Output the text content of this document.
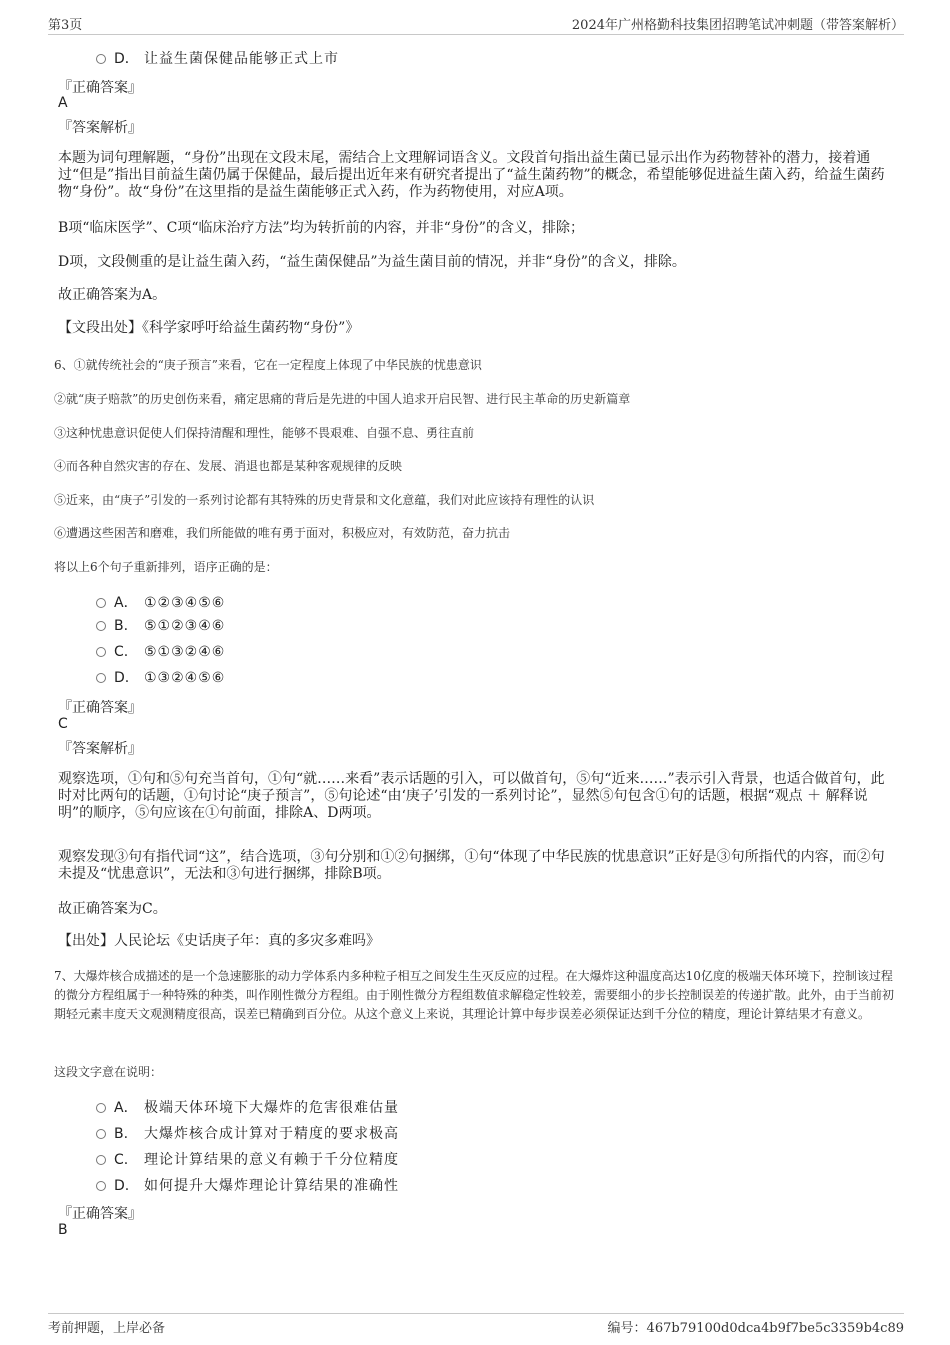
第3页	2024年广州格勤科技集团招聘笔试冲刺题（带答案解析）
D． 让益生菌保健品能够正式上市
『正确答案』
A
『答案解析』
本题为词句理解题，“身份”出现在文段末尾，需结合上文理解词语含义。文段首句指出益生菌已显示出作为药物替补的潜力，接着通过“但是”指出目前益生菌仍属于保健品，最后提出近年来有研究者提出了“益生菌药物”的概念，希望能够促进益生菌入药，给益生菌药物“身份”。故“身份”在这里指的是益生菌能够正式入药，作为药物使用，对应A项。
B项“临床医学”、C项“临床治疗方法”均为转折前的内容，并非“身份”的含义，排除；
D项，文段侧重的是让益生菌入药，“益生菌保健品”为益生菌目前的情况，并非“身份”的含义，排除。
故正确答案为A。
【文段出处】《科学家呼吁给益生菌药物“身份”》
6、①就传统社会的“庚子预言”来看，它在一定程度上体现了中华民族的忧患意识
②就“庚子赔款”的历史创伤来看，痛定思痛的背后是先进的中国人追求开启民智、进行民主革命的历史新篇章
③这种忧患意识促使人们保持清醒和理性，能够不畏艰难、自强不息、勇往直前
④而各种自然灾害的存在、发展、消退也都是某种客观规律的反映
⑤近来，由“庚子”引发的一系列讨论都有其特殊的历史背景和文化意蕴，我们对此应该持有理性的认识
⑥遭遇这些困苦和磨难，我们所能做的唯有勇于面对，积极应对，有效防范，奋力抗击
将以上6个句子重新排列，语序正确的是：
A． ①②③④⑤⑥
B. ⑤①②③④⑥
C. ⑤①③②④⑥
D. ①③②④⑤⑥
『正确答案』
C
『答案解析』
观察选项，①句和⑤句充当首句，①句“就……来看”表示话题的引入，可以做首句，⑤句“近来……”表示引入背景，也适合做首句，此时对比两句的话题，①句讨论“庚子预言”，⑤句论述“由‘庚子’引发的一系列讨论”，显然⑤句包含①句的话题，根据“观点 ＋ 解释说明”的顺序，⑤句应该在①句前面，排除A、D两项。
观察发现③句有指代词“这”，结合选项，③句分别和①②句捆绑，①句“体现了中华民族的忧患意识”正好是③句所指代的内容，而②句未提及“忧患意识”，无法和③句进行捆绑，排除B项。
故正确答案为C。
【出处】人民论坛《史话庚子年：真的多灾多难吗》
7、大爆炸核合成描述的是一个急速膨胀的动力学体系内多种粒子相互之间发生生灭反应的过程。在大爆炸这种温度高达10亿度的极端天体环境下，控制该过程的微分方程组属于一种特殊的种类，叫作刚性微分方程组。由于刚性微分方程组数值求解稳定性较差，需要细小的步长控制误差的传递扩散。此外，由于当前初期轻元素丰度天文观测精度很高，误差已精确到百分位。从这个意义上来说，其理论计算中每步误差必须保证达到千分位的精度，理论计算结果才有意义。
这段文字意在说明：
A． 极端天体环境下大爆炸的危害很难估量
B. 大爆炸核合成计算对于精度的要求极高
C. 理论计算结果的意义有赖于千分位精度
D. 如何提升大爆炸理论计算结果的准确性
『正确答案』
B
考前押题，上岸必备	编号：467b79100d0dca4b9f7be5c3359b4c89
